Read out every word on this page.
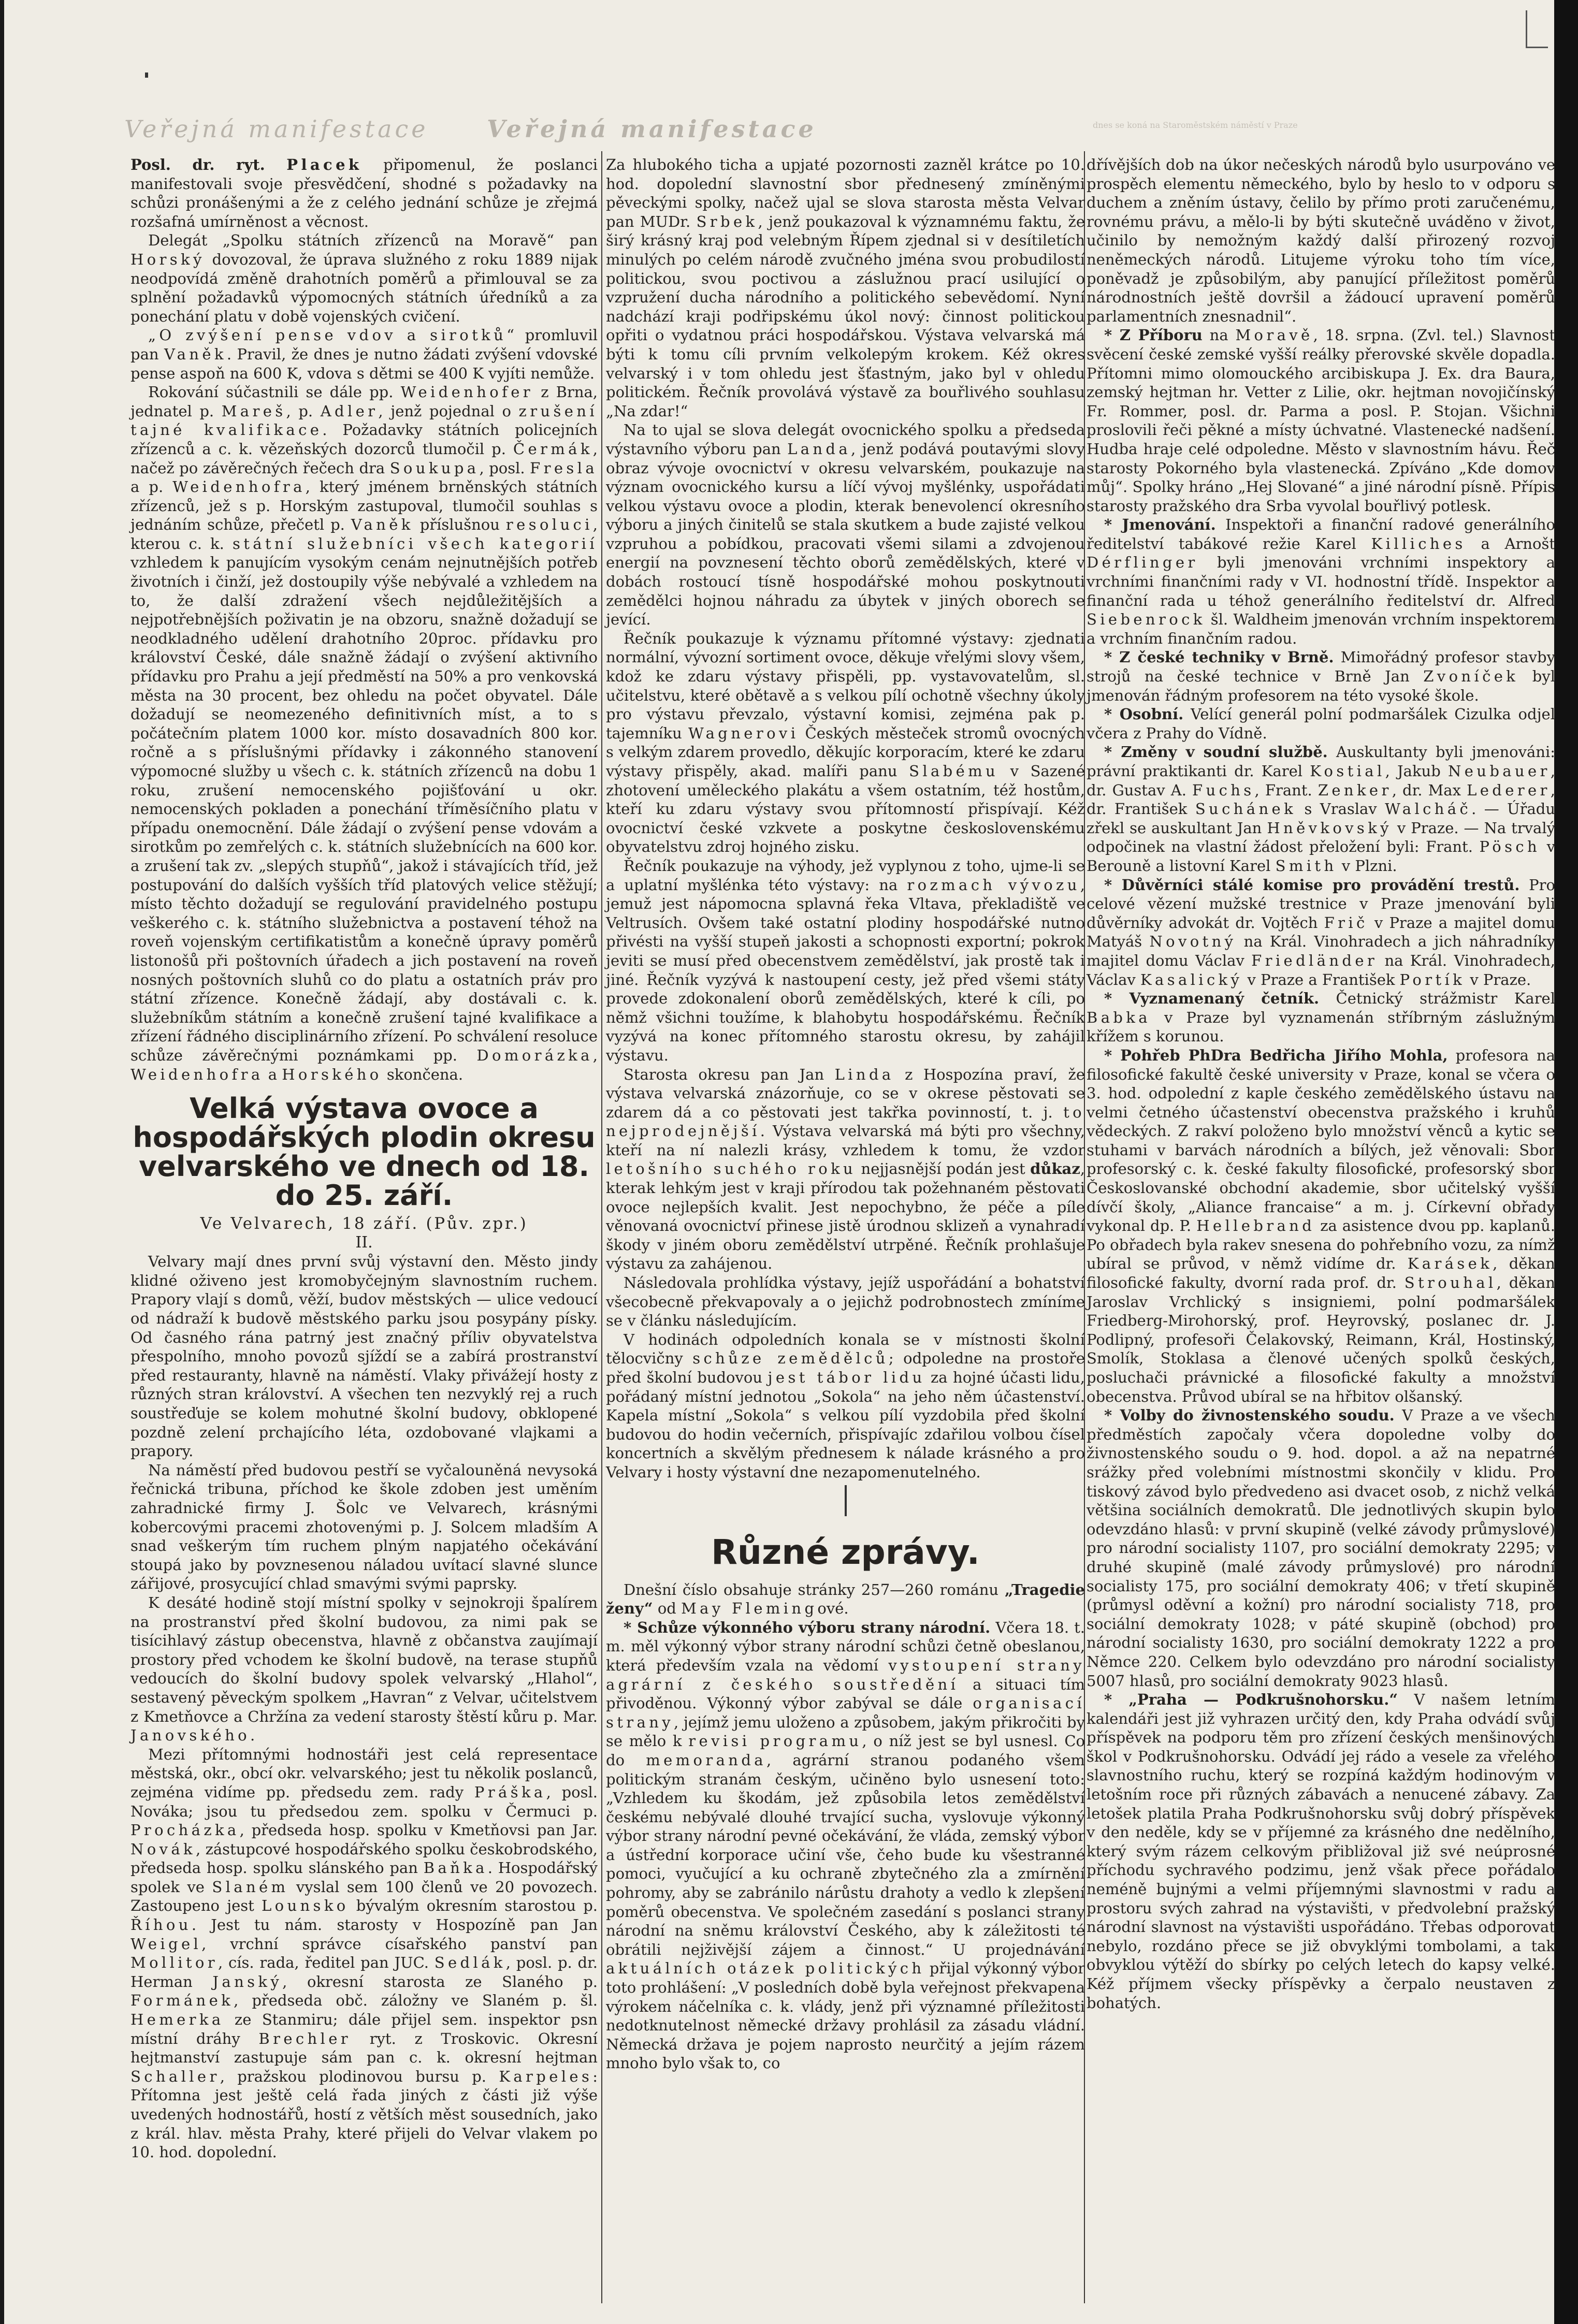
Veřejná manifestace Veřejná manifestace	dnes se koná na Staroměstském náměstí v Praze

Posl. dr. ryt. Placek připomenul, že poslanci manifestovali svoje přesvědčení, shodné s požadavky na schůzi pronášenými a že z celého jednání schůze je zřejmá rozšafná umírněnost a věcnost.

Delegát „Spolku státních zřízenců na Moravě“ pan Horský dovozoval, že úprava služného z roku 1889 nijak neodpovídá změně drahotních poměrů a přimlouval se za splnění požadavků výpomocných státních úředníků a za ponechání platu v době vojenských cvičení.

„O zvýšení pense vdov a sirotků“ promluvil pan Vaněk. Pravil, že dnes je nutno žádati zvýšení vdovské pense aspoň na 600 K, vdova s dětmi se 400 K vyjíti nemůže.

Rokování súčastnili se dále pp. Weidenhofer z Brna, jednatel p. Mareš, p. Adler, jenž pojednal o zrušení tajné kvalifikace. Požadavky státních policejních zřízenců a c. k. vězeňských dozorců tlumočil p. Čermák, načež po závěrečných řečech dra Soukupa, posl. Fresla a p. Weidenhofra, který jménem brněnských státních zřízenců, jež s p. Horským zastupoval, tlumočil souhlas s jednáním schůze, přečetl p. Vaněk příslušnou resoluci, kterou c. k. státní služebníci všech kategorií vzhledem k panujícím vysokým cenám nejnutnějších potřeb životních i činží, jež dostoupily výše nebývalé a vzhledem na to, že další zdražení všech nejdůležitějších a nejpotřebnějších poživatin je na obzoru, snažně dožadují se neodkladného udělení drahotního 20proc. přídavku pro království České, dále snažně žádají o zvýšení aktivního přídavku pro Prahu a její předměstí na 50% a pro venkovská města na 30 procent, bez ohledu na počet obyvatel. Dále dožadují se neomezeného definitivních míst, a to s počátečním platem 1000 kor. místo dosavadních 800 kor. ročně a s příslušnými přídavky i zákonného stanovení výpomocné služby u všech c. k. státních zřízenců na dobu 1 roku, zrušení nemocenského pojišťování u okr. nemocenských pokladen a ponechání tříměsíčního platu v případu onemocnění. Dále žádají o zvýšení pense vdovám a sirotkům po zemřelých c. k. státních služebnících na 600 kor. a zrušení tak zv. „slepých stupňů“, jakož i stávajících tříd, jež postupování do dalších vyšších tříd platových velice stěžují; místo těchto dožadují se regulování pravidelného postupu veškerého c. k. státního služebnictva a postavení téhož na roveň vojenským certifikatistům a konečně úpravy poměrů listonošů při poštovních úřadech a jich postavení na roveň nosných poštovních sluhů co do platu a ostatních práv pro státní zřízence. Konečně žádají, aby dostávali c. k. služebníkům státním a konečně zrušení tajné kvalifikace a zřízení řádného disciplinárního zřízení. Po schválení resoluce schůze závěrečnými poznámkami pp. Domorázka, Weidenhofra a Horského skončena.

Velká výstava ovoce a hospodářských plodin okresu velvarského ve dnech od 18. do 25. září.

Ve Velvarech, 18 září. (Pův. zpr.)

II.

Velvary mají dnes první svůj výstavní den. Město jindy klidné oživeno jest kromobyčejným slavnostním ruchem. Prapory vlají s domů, věží, budov městských — ulice vedoucí od nádraží k budově městského parku jsou posypány písky. Od časného rána patrný jest značný příliv obyvatelstva přespolního, mnoho povozů sjíždí se a zabírá prostranství před restauranty, hlavně na náměstí. Vlaky přivážejí hosty z různých stran království. A všechen ten nezvyklý rej a ruch soustřeďuje se kolem mohutné školní budovy, obklopené pozdně zelení prchajícího léta, ozdobované vlajkami a prapory.

Na náměstí před budovou pestří se vyčalouněná nevysoká řečnická tribuna, příchod ke škole zdoben jest uměním zahradnické firmy J. Šolc ve Velvarech, krásnými kobercovými pracemi zhotovenými p. J. Solcem mladším A snad veškerým tím ruchem plným napjatého očekávání stoupá jako by povznesenou náladou uvítací slavné slunce zářijové, prosycující chlad smavými svými paprsky.

K desáté hodině stojí místní spolky v sejnokroji špalírem na prostranství před školní budovou, za nimi pak se tisícihlavý zástup obecenstva, hlavně z občanstva zaujímají prostory před vchodem ke školní budově, na terase stupňů vedoucích do školní budovy spolek velvarský „Hlahol“, sestavený pěveckým spolkem „Havran“ z Velvar, učitelstvem z Kmetňovce a Chržína za vedení starosty štěstí kůru p. Mar. Janovského.

Mezi přítomnými hodnostáři jest celá representace městská, okr., obcí okr. velvarského; jest tu několik poslanců, zejména vidíme pp. předsedu zem. rady Práška, posl. Nováka; jsou tu předsedou zem. spolku v Čermuci p. Procházka, předseda hosp. spolku v Kmetňovsi pan Jar. Novák, zástupcové hospodářského spolku českobrodského, předseda hosp. spolku slánského pan Baňka. Hospodářský spolek ve Slaném vyslal sem 100 členů ve 20 povozech. Zastoupeno jest Lounsko bývalým okresním starostou p. Říhou. Jest tu nám. starosty v Hospozíně pan Jan Weigel, vrchní správce císařského panství pan Mollitor, cís. rada, ředitel pan JUC. Sedlák, posl. p. dr. Herman Janský, okresní starosta ze Slaného p. Formánek, předseda obč. záložny ve Slaném p. šl. Hemerka ze Stanmiru; dále přijel sem. inspektor psn místní dráhy Brechler ryt. z Troskovic. Okresní hejtmanství zastupuje sám pan c. k. okresní hejtman Schaller, pražskou plodinovou bursu p. Karpeles: Přítomna jest ještě celá řada jiných z části již výše uvedených hodnostářů, hostí z větších měst sousedních, jako z král. hlav. města Prahy, které přijeli do Velvar vlakem po 10. hod. dopolední.

Za hlubokého ticha a upjaté pozornosti zazněl krátce po 10. hod. dopolední slavnostní sbor přednesený zmíněnými pěveckými spolky, načež ujal se slova starosta města Velvar pan MUDr. Srbek, jenž poukazoval k významnému faktu, že širý krásný kraj pod velebným Řípem zjednal si v desítiletích minulých po celém národě zvučného jména svou probudilostí politickou, svou poctivou a záslužnou prací usilující o vzpružení ducha národního a politického sebevědomí. Nyní nadchází kraji podřipskému úkol nový: činnost politickou opřiti o vydatnou práci hospodářskou. Výstava velvarská má býti k tomu cíli prvním velkolepým krokem. Kéž okres velvarský i v tom ohledu jest šťastným, jako byl v ohledu politickém. Řečník provolává výstavě za bouřlivého souhlasu „Na zdar!“

Na to ujal se slova delegát ovocnického spolku a předseda výstavního výboru pan Landa, jenž podává poutavými slovy obraz vývoje ovocnictví v okresu velvarském, poukazuje na význam ovocnického kursu a líčí vývoj myšlénky, uspořádati velkou výstavu ovoce a plodin, kterak benevolencí okresního výboru a jiných činitelů se stala skutkem a bude zajisté velkou vzpruhou a pobídkou, pracovati všemi silami a zdvojenou energií na povznesení těchto oborů zemědělských, které v dobách rostoucí tísně hospodářské mohou poskytnouti zemědělci hojnou náhradu za úbytek v jiných oborech se jevící.

Řečník poukazuje k významu přítomné výstavy: zjednati normální, vývozní sortiment ovoce, děkuje vřelými slovy všem, kdož ke zdaru výstavy přispěli, pp. vystavovatelům, sl. učitelstvu, které obětavě a s velkou pílí ochotně všechny úkoly pro výstavu převzalo, výstavní komisi, zejména pak p. tajemníku Wagnerovi Českých městeček stromů ovocných s velkým zdarem provedlo, děkujíc korporacím, které ke zdaru výstavy přispěly, akad. malíři panu Slabému v Sazené zhotovení uměleckého plakátu a všem ostatním, též hostům, kteří ku zdaru výstavy svou přítomností přispívají. Kéž ovocnictví české vzkvete a poskytne československému obyvatelstvu zdroj hojného zisku.

Řečník poukazuje na výhody, jež vyplynou z toho, ujme-li se a uplatní myšlénka této výstavy: na rozmach vývozu, jemuž jest nápomocna splavná řeka Vltava, překladiště ve Veltrusích. Ovšem také ostatní plodiny hospodářské nutno přivésti na vyšší stupeň jakosti a schopnosti exportní; pokrok jeviti se musí před obecenstvem zemědělství, jak prostě tak i jiné. Řečník vyzývá k nastoupení cesty, jež před všemi státy provede zdokonalení oborů zemědělských, které k cíli, po němž všichni toužíme, k blahobytu hospodářskému. Řečník vyzývá na konec přítomného starostu okresu, by zahájil výstavu.

Starosta okresu pan Jan Linda z Hospozína praví, že výstava velvarská znázorňuje, co se v okrese pěstovati se zdarem dá a co pěstovati jest takřka povinností, t. j. to nejprodejnější. Výstava velvarská má býti pro všechny, kteří na ní nalezli krásy, vzhledem k tomu, že vzdor letošního suchého roku nejjasnější podán jest důkaz, kterak lehkým jest v kraji přírodou tak požehnaném pěstovati ovoce nejlepších kvalit. Jest nepochybno, že péče a píle věnovaná ovocnictví přinese jistě úrodnou sklizeň a vynahradí škody v jiném oboru zemědělství utrpěné. Řečník prohlašuje výstavu za zahájenou.

Následovala prohlídka výstavy, jejíž uspořádání a bohatství všecobecně překvapovaly a o jejichž podrobnostech zmíníme se v článku následujícím.

V hodinách odpoledních konala se v místnosti školní tělocvičny schůze zemědělců; odpoledne na prostoře před školní budovou jest tábor lidu za hojné účasti lidu, pořádaný místní jednotou „Sokola“ na jeho něm účastenství. Kapela místní „Sokola“ s velkou pílí vyzdobila před školní budovou do hodin večerních, přispívajíc zdařilou volbou čísel koncertních a skvělým přednesem k nálade krásného a pro Velvary i hosty výstavní dne nezapomenutelného.

Různé zprávy.

Dnešní číslo obsahuje stránky 257—260 románu „Tragedie ženy“ od May Flemingové.

* Schůze výkonného výboru strany národní. Včera 18. t. m. měl výkonný výbor strany národní schůzi četně obeslanou, která především vzala na vědomí vystoupení strany agrární z českého soustředění a situaci tím přivoděnou. Výkonný výbor zabýval se dále organisací strany, jejímž jemu uloženo a způsobem, jakým přikročiti by se mělo k revisi programu, o níž jest se byl usnesl. Co do memoranda, agrární stranou podaného všem politickým stranám českým, učiněno bylo usnesení toto: „Vzhledem ku škodám, jež způsobila letos zemědělství českému nebývalé dlouhé trvající sucha, vyslovuje výkonný výbor strany národní pevné očekávání, že vláda, zemský výbor a ústřední korporace učiní vše, čeho bude ku všestranné pomoci, vyučující a ku ochraně zbytečného zla a zmírnění pohromy, aby se zabránilo nárůstu drahoty a vedlo k zlepšení poměrů obecenstva. Ve společném zasedání s poslanci strany národní na sněmu království Českého, aby k záležitosti té obrátili nejživější zájem a činnost.“ U projednávání aktuálních otázek politických přijal výkonný výbor toto prohlášení: „V posledních době byla veřejnost překvapena výrokem náčelníka c. k. vlády, jenž při významné příležitosti nedotknutelnost německé državy prohlásil za zásadu vládní. Německá država je pojem naprosto neurčitý a jejím rázem mnoho bylo však to, co

dřívějších dob na úkor nečeských národů bylo usurpováno ve prospěch elementu německého, bylo by heslo to v odporu s duchem a zněním ústavy, čelilo by přímo proti zaručenému, rovnému právu, a mělo-li by býti skutečně uváděno v život, učinilo by nemožným každý další přirozený rozvoj neněmeckých národů. Litujeme výroku toho tím více, poněvadž je způsobilým, aby panující příležitost poměrů národnostních ještě dovršil a žádoucí upravení poměrů parlamentních znesnadnil“.

* Z Příboru na Moravě, 18. srpna. (Zvl. tel.) Slavnost svěcení české zemské vyšší reálky přerovské skvěle dopadla. Přítomni mimo olomouckého arcibiskupa J. Ex. dra Baura, zemský hejtman hr. Vetter z Lilie, okr. hejtman novojičínský Fr. Rommer, posl. dr. Parma a posl. P. Stojan. Všichni proslovili řeči pěkné a místy úchvatné. Vlastenecké nadšení. Hudba hraje celé odpoledne. Město v slavnostním hávu. Řeč starosty Pokorného byla vlastenecká. Zpíváno „Kde domov můj“. Spolky hráno „Hej Slované“ a jiné národní písně. Přípis starosty pražského dra Srba vyvolal bouřlivý potlesk.

* Jmenování. Inspektoři a finanční radové generálního ředitelství tabákové režie Karel Killiches a Arnošt Dérflinger byli jmenováni vrchními inspektory a vrchními finančními rady v VI. hodnostní třídě. Inspektor a finanční rada u téhož generálního ředitelství dr. Alfred Siebenrock šl. Waldheim jmenován vrchním inspektorem a vrchním finančním radou.

* Z české techniky v Brně. Mimořádný profesor stavby strojů na české technice v Brně Jan Zvoníček byl jmenován řádným profesorem na této vysoké škole.

* Osobní. Velící generál polní podmaršálek Cizulka odjel včera z Prahy do Vídně.

* Změny v soudní službě. Auskultanty byli jmenováni: právní praktikanti dr. Karel Kostial, Jakub Neubauer, dr. Gustav A. Fuchs, Frant. Zenker, dr. Max Lederer, dr. František Suchánek s Vraslav Walcháč. — Úřadu zřekl se auskultant Jan Hněvkovský v Praze. — Na trvalý odpočinek na vlastní žádost přeložení byli: Frant. Pösch v Berouně a listovní Karel Smith v Plzni.

* Důvěrníci stálé komise pro provádění trestů. Pro celové vězení mužské trestnice v Praze jmenování byli důvěrníky advokát dr. Vojtěch Frič v Praze a majitel domu Matyáš Novotný na Král. Vinohradech a jich náhradníky majitel domu Václav Friedländer na Král. Vinohradech, Václav Kasalický v Praze a František Portík v Praze.

* Vyznamenaný četník. Četnický strážmistr Karel Babka v Praze byl vyznamenán stříbrným záslužným křížem s korunou.

* Pohřeb PhDra Bedřicha Jiřího Mohla, profesora na filosofické fakultě české university v Praze, konal se včera o 3. hod. odpolední z kaple českého zemědělského ústavu na velmi četného účastenství obecenstva pražského i kruhů vědeckých. Z rakví položeno bylo množství věnců a kytic se stuhami v barvách národních a bílých, jež věnovali: Sbor profesorský c. k. české fakulty filosofické, profesorský sbor Českoslovanské obchodní akademie, sbor učitelský vyšší dívčí školy, „Aliance francaise“ a m. j. Církevní obřady vykonal dp. P. Hellebrand za asistence dvou pp. kaplanů. Po obřadech byla rakev snesena do pohřebního vozu, za nímž ubíral se průvod, v němž vidíme dr. Karásek, děkan filosofické fakulty, dvorní rada prof. dr. Strouhal, děkan Jaroslav Vrchlický s insigniemi, polní podmaršálek Friedberg-Mirohorský, prof. Heyrovský, poslanec dr. J. Podlipný, profesoři Čelakovský, Reimann, Král, Hostinský, Smolík, Stoklasa a členové učených spolků českých, posluchači právnické a filosofické fakulty a množství obecenstva. Průvod ubíral se na hřbitov olšanský.

* Volby do živnostenského soudu. V Praze a ve všech předměstích započaly včera dopoledne volby do živnostenského soudu o 9. hod. dopol. a až na nepatrné srážky před volebními místnostmi skončily v klidu. Pro tiskový závod bylo předvedeno asi dvacet osob, z nichž velká většina sociálních demokratů. Dle jednotlivých skupin bylo odevzdáno hlasů: v první skupině (velké závody průmyslové) pro národní socialisty 1107, pro sociální demokraty 2295; v druhé skupině (malé závody průmyslové) pro národní socialisty 175, pro sociální demokraty 406; v třetí skupině (průmysl oděvní a kožní) pro národní socialisty 718, pro sociální demokraty 1028; v páté skupině (obchod) pro národní socialisty 1630, pro sociální demokraty 1222 a pro Němce 220. Celkem bylo odevzdáno pro národní socialisty 5007 hlasů, pro sociální demokraty 9023 hlasů.

* „Praha — Podkrušnohorsku.“ V našem letním kalendáři jest již vyhrazen určitý den, kdy Praha odvádí svůj příspěvek na podporu těm pro zřízení českých menšinových škol v Podkrušnohorsku. Odvádí jej rádo a vesele za vřelého slavnostního ruchu, který se rozpíná každým hodinovým v letošním roce při různých zábavách a nenucené zábavy. Za letošek platila Praha Podkrušnohorsku svůj dobrý příspěvek v den neděle, kdy se v příjemné za krásného dne nedělního, který svým rázem celkovým přibližoval již své neúprosné příchodu sychravého podzimu, jenž však přece pořádalo neméně bujnými a velmi příjemnými slavnostmi v radu a prostoru svých zahrad na výstavišti, v předvolební pražský národní slavnost na výstavišti uspořádáno. Třebas odporovat nebylo, rozdáno přece se již obvyklými tombolami, a tak obvyklou výtěží do sbírky po celých letech do kapsy velké. Kéž příjmem všecky příspěvky a čerpalo neustaven z bohatých.
